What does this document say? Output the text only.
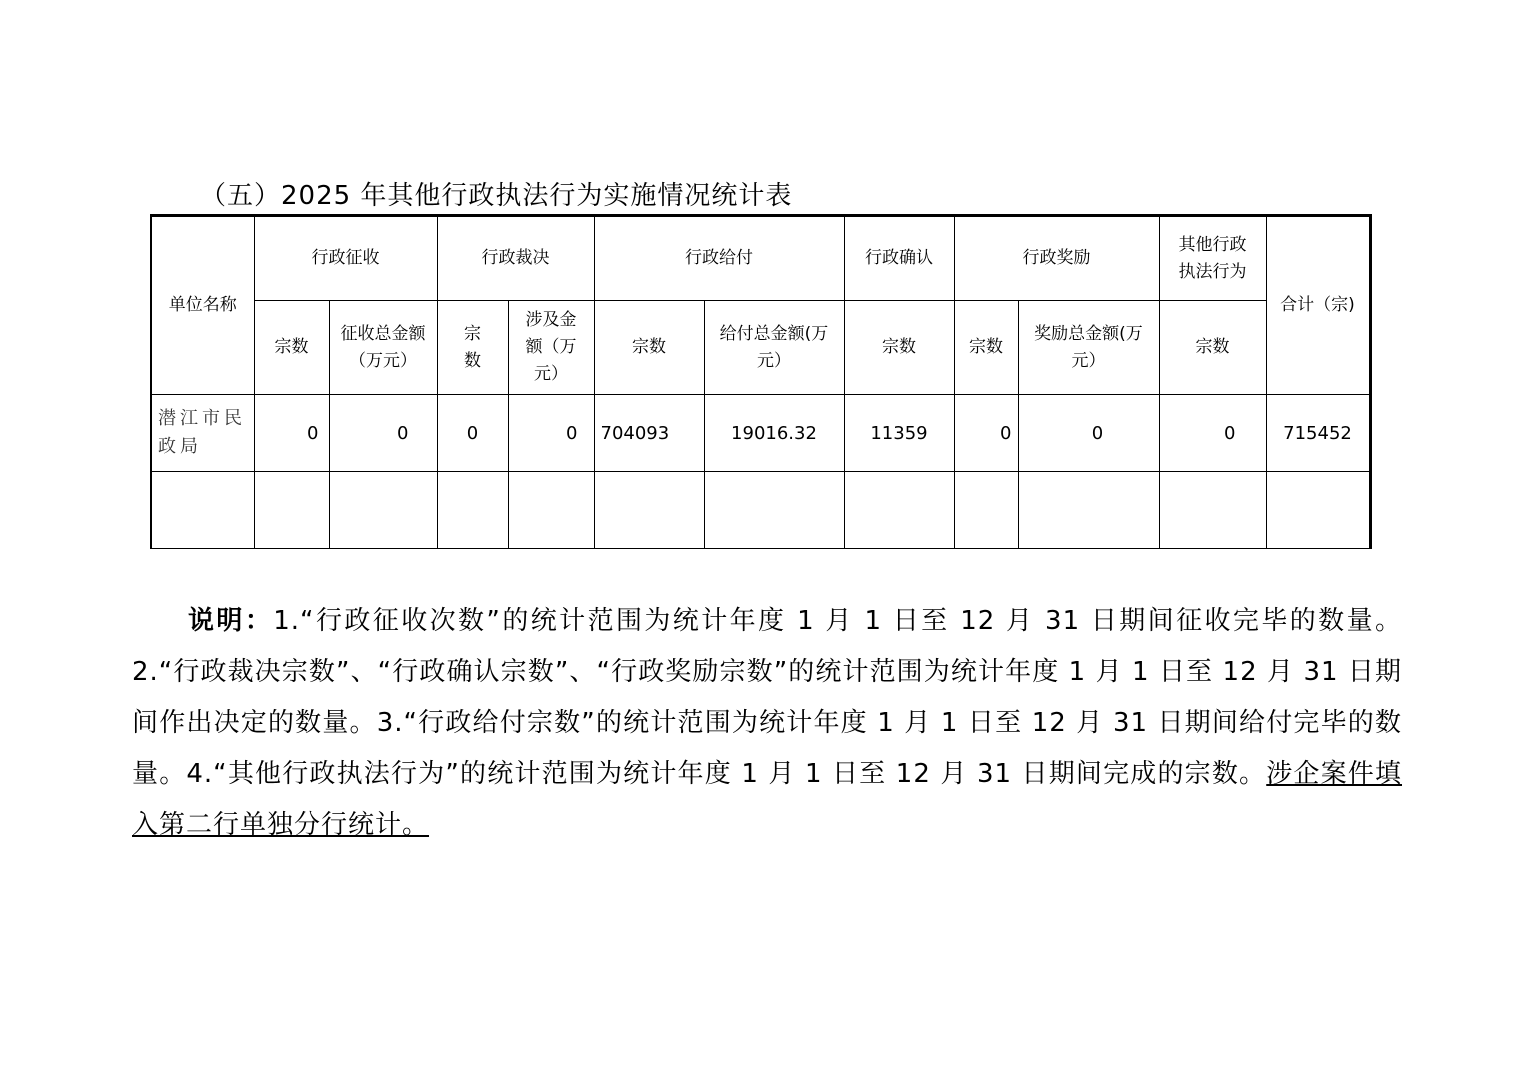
（五）2025 年其他行政执法行为实施情况统计表
单位名称	行政征收		行政裁决		行政给付		行政确认	行政奖励		其他行政执法行为	合计（宗)
	宗数	征收总金额（万元）	宗数	涉及金额（万元）	宗数	给付总金额(万元）	宗数	宗数	奖励总金额(万元）	宗数	
潜江市民政局	0	0	0	0	704093	19016.32	11359	0	0	0	715452

说明：1.“行政征收次数”的统计范围为统计年度 1 月 1 日至 12 月 31 日期间征收完毕的数量。2.“行政裁决宗数”、“行政确认宗数”、“行政奖励宗数”的统计范围为统计年度 1 月 1 日至 12 月 31 日期间作出决定的数量。3.“行政给付宗数”的统计范围为统计年度 1 月 1 日至 12 月 31 日期间给付完毕的数量。4.“其他行政执法行为”的统计范围为统计年度 1 月 1 日至 12 月 31 日期间完成的宗数。涉企案件填入第二行单独分行统计。
